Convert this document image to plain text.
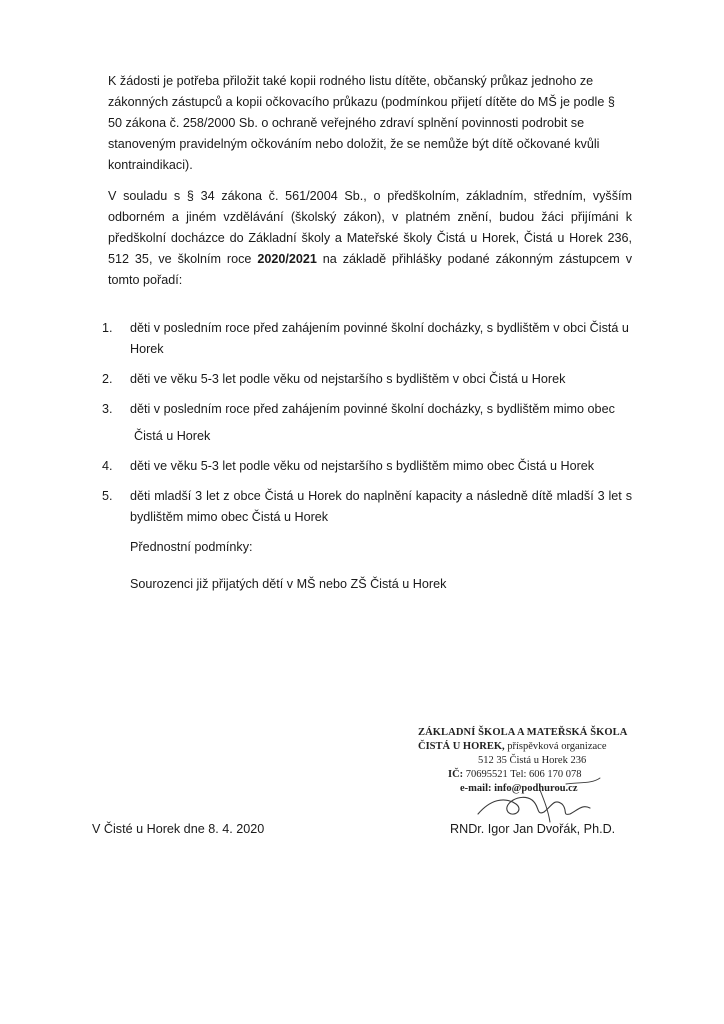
K žádosti je potřeba přiložit také kopii rodného listu dítěte, občanský průkaz jednoho ze zákonných zástupců a kopii očkovacího průkazu (podmínkou přijetí dítěte do MŠ je podle § 50 zákona č. 258/2000 Sb. o ochraně veřejného zdraví splnění povinnosti podrobit se stanoveným pravidelným očkováním nebo doložit, že se nemůže být dítě očkované kvůli kontraindikaci).

V souladu s § 34 zákona č. 561/2004 Sb., o předškolním, základním, středním, vyšším odborném a jiném vzdělávání (školský zákon), v platném znění, budou žáci přijímáni k předškolní docházce do Základní školy a Mateřské školy Čistá u Horek, Čistá u Horek 236, 512 35, ve školním roce 2020/2021 na základě přihlášky podané zákonným zástupcem v tomto pořadí:

1. děti v posledním roce před zahájením povinné školní docházky, s bydlištěm v obci Čistá u Horek
2. děti ve věku 5-3 let podle věku od nejstaršího s bydlištěm v obci Čistá u Horek
3. děti v posledním roce před zahájením povinné školní docházky, s bydlištěm mimo obec
Čistá u Horek
4. děti ve věku 5-3 let podle věku od nejstaršího s bydlištěm mimo obec Čistá u Horek
5. děti mladší 3 let z obce Čistá u Horek do naplnění kapacity a následně dítě mladší 3 let s bydlištěm mimo obec Čistá u Horek

Přednostní podmínky:

Sourozenci již přijatých dětí v MŠ nebo ZŠ Čistá u Horek

ZÁKLADNÍ ŠKOLA A MATEŘSKÁ ŠKOLA
ČISTÁ U HOREK, příspěvková organizace
512 35 Čistá u Horek 236
IČ: 70695521 Tel: 606 170 078
e-mail: info@podhurou.cz
V Čisté u Horek dne 8. 4. 2020	RNDr. Igor Jan Dvořák, Ph.D.
